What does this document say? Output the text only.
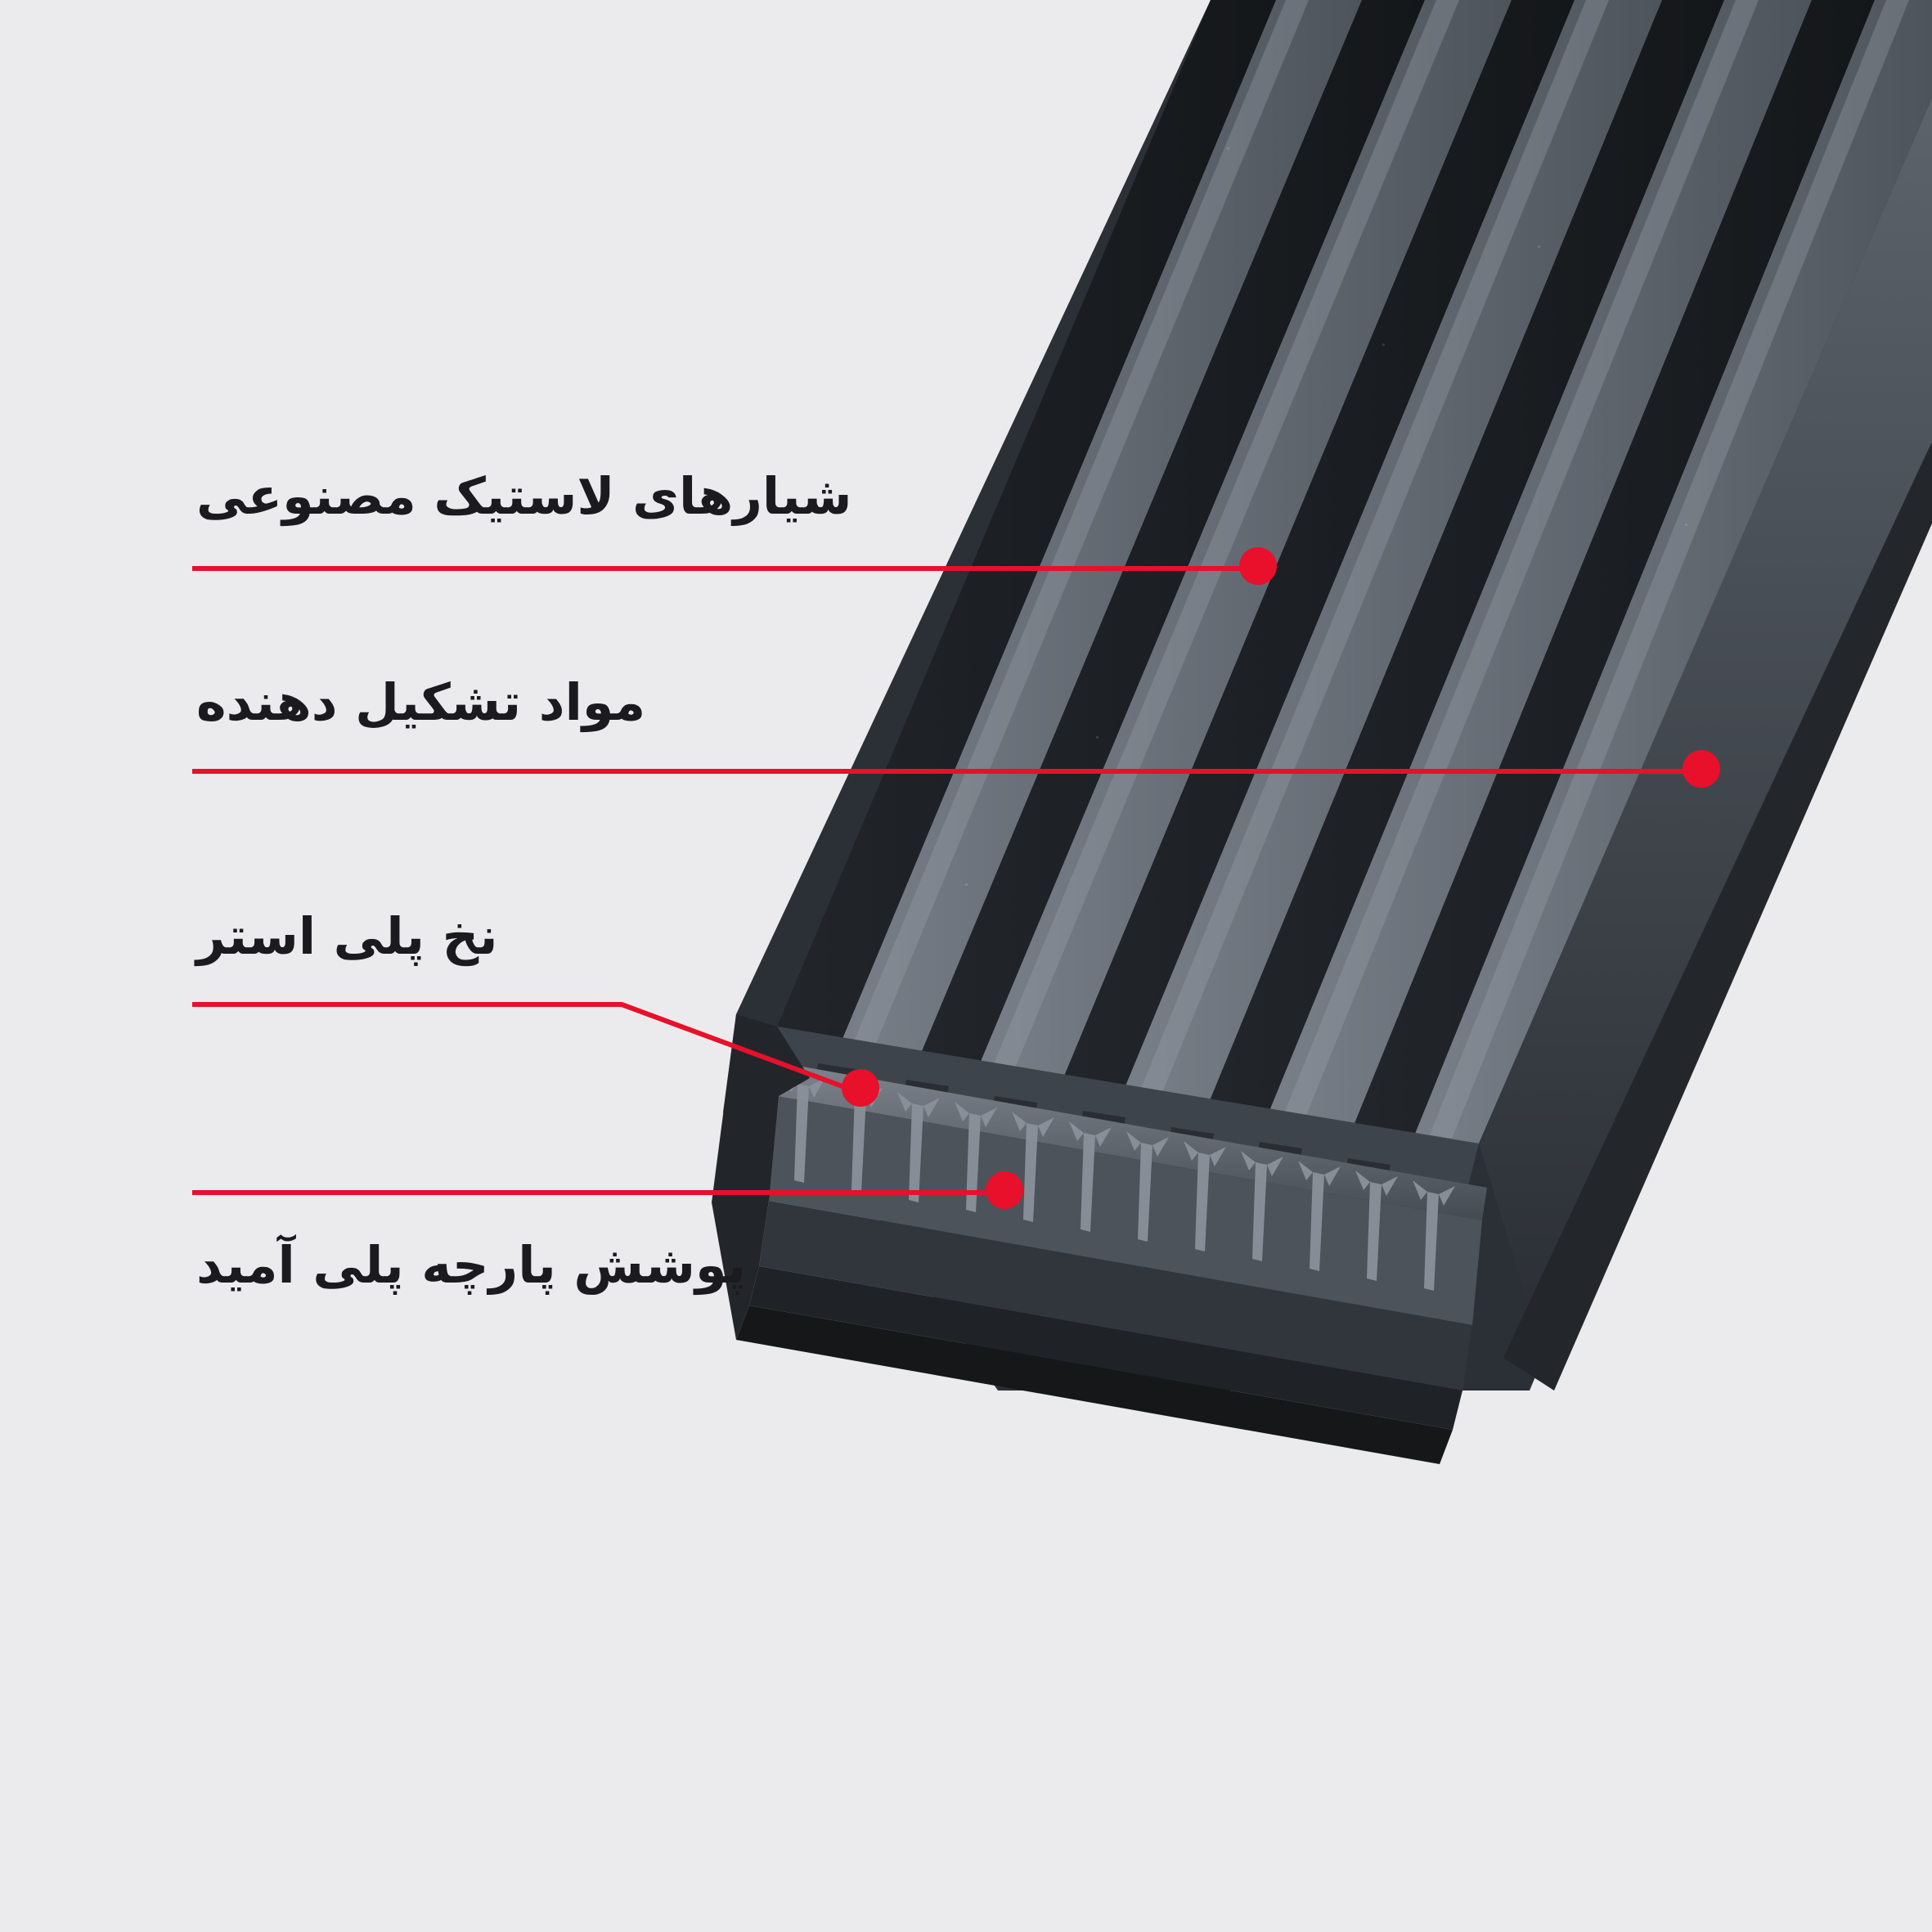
شیارهای لاستیک مصنوعی
مواد تشکیل دهنده
نخ پلی استر
پوشش پارچه پلی آمید
